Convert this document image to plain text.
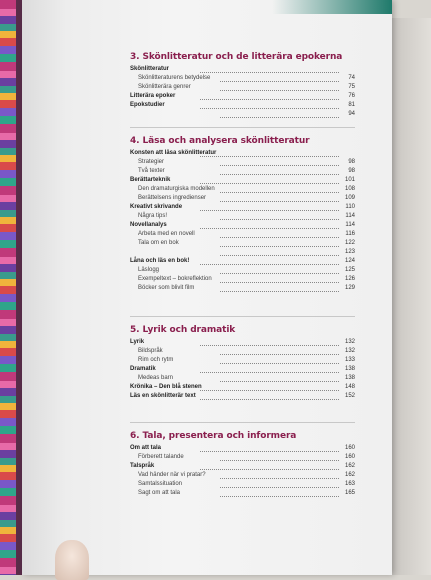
3. Skönlitteratur och de litterära epokerna
Skönlitteratur
Skönlitteraturens betydelse	74
Skönlitterära genrer	75
Litterära epoker	76
Epokstudier	81
94
4. Läsa och analysera skönlitteratur
Konsten att läsa skönlitteratur
Strategier	98
Två texter	98
Berättarteknik	101
Den dramaturgiska modellen	108
Berättelsens ingredienser	109
Kreativt skrivande	110
Några tips!	114
Novellanalys	114
Arbeta med en novell	116
Tala om en bok	122
123
Låna och läs en bok!	124
Läslogg	125
Exempeltext – bokreflektion	126
Böcker som blivit film	129
5. Lyrik och dramatik
Lyrik	132
Bildspråk	132
Rim och rytm	133
Dramatik	138
Medeas barn	138
Krönika – Den blå stenen	148
Läs en skönlitterär text	152
6. Tala, presentera och informera
Om att tala	160
Förberett talande	160
Talspråk	162
Vad händer när vi pratar?	162
Samtalssituation	163
Sagt om att tala	165
